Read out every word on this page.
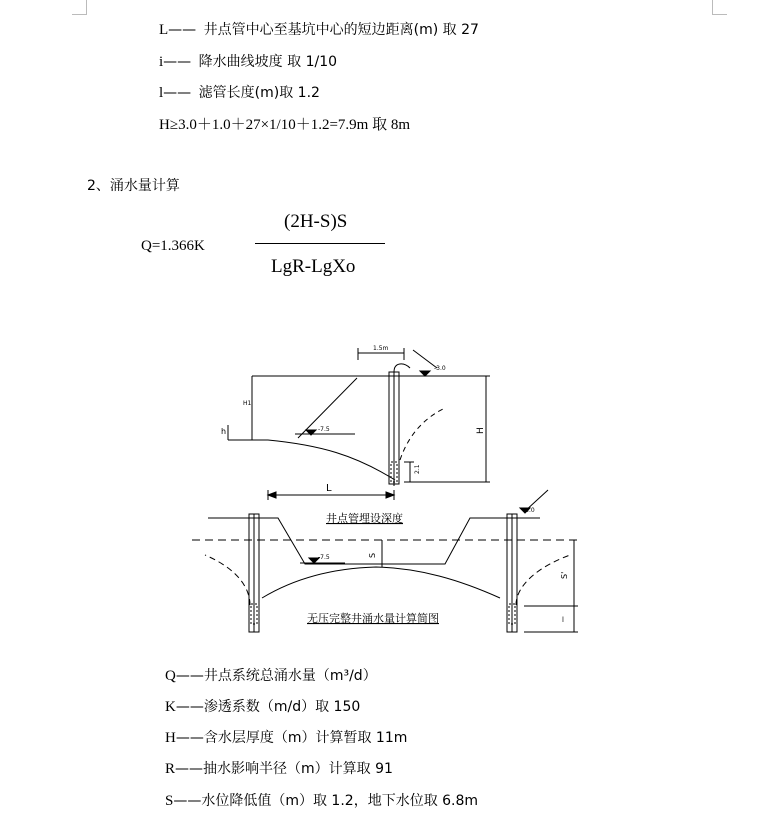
L—— 井点管中心至基坑中心的短边距离(m) 取 27
i—— 降水曲线坡度 取 1/10
l—— 滤管长度(m)取 1.2
H≥3.0＋1.0＋27×1/10＋1.2=7.9m 取 8m
2、涌水量计算
Q=1.366K
(2H-S)S
LgR-LgXo
1.5m
-3.0
-7.5
H1
h	H
L
2.1
井点管埋设深度
-3.0
-7.5	S
S'
l
无压完整井涌水量计算简图
Q——井点系统总涌水量（m³/d）
K——渗透系数（m/d）取 150
H——含水层厚度（m）计算暂取 11m
R——抽水影响半径（m）计算取 91
S——水位降低值（m）取 1.2，地下水位取 6.8m
